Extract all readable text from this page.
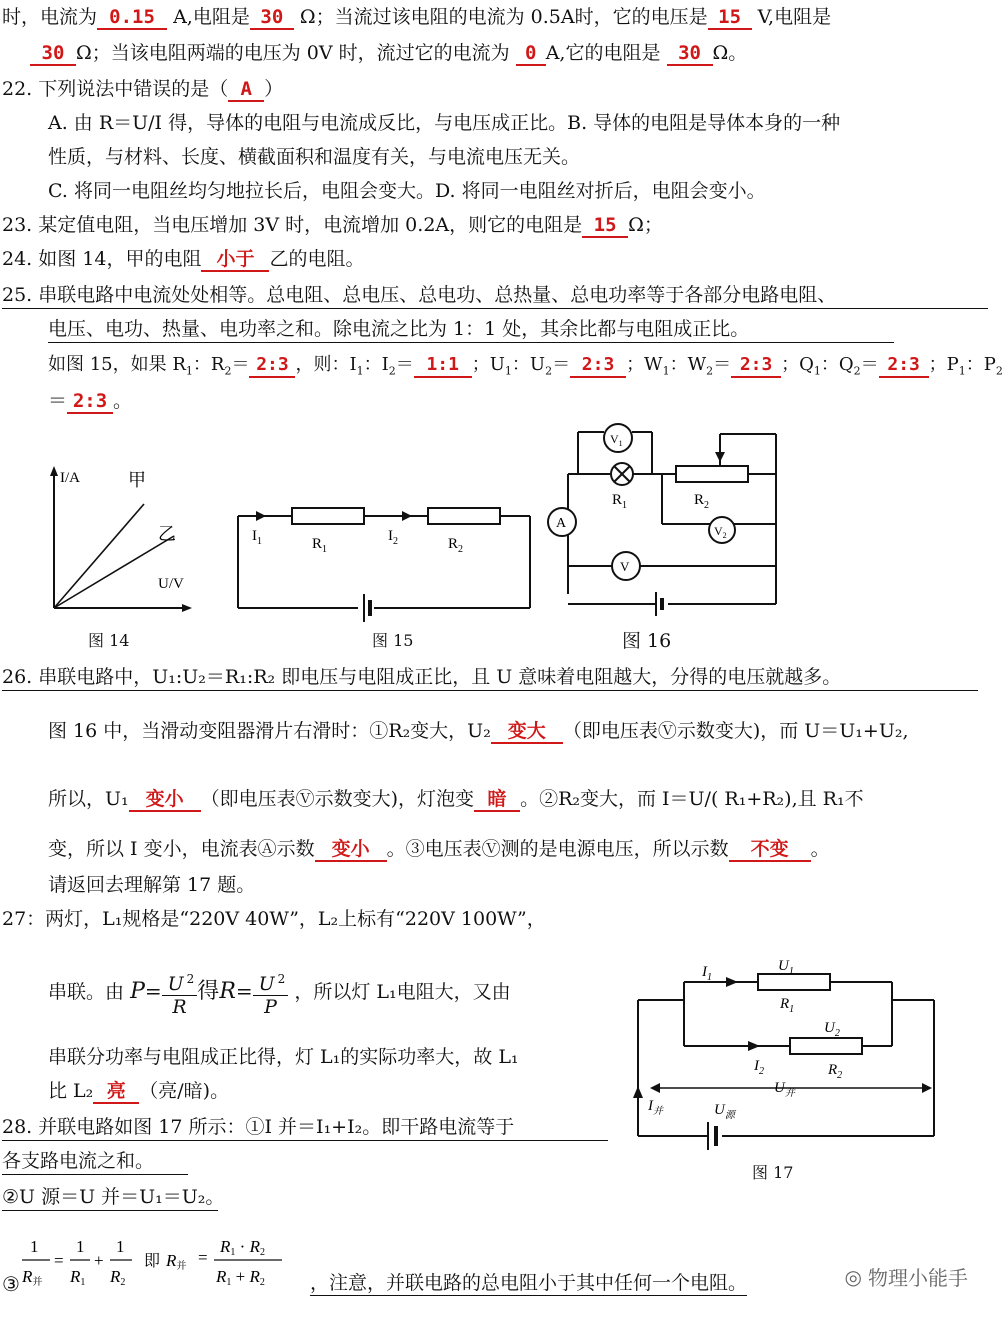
时，电流为 0.15 A,电阻是 30 Ω；当流过该电阻的电流为 0.5A时，它的电压是 15 V,电阻是
30 Ω；当该电阻两端的电压为 0V 时，流过它的电流为 0 A,它的电阻是 30 Ω。
22. 下列说法中错误的是（ A ）
A. 由 R＝U/I 得，导体的电阻与电流成反比，与电压成正比。B. 导体的电阻是导体本身的一种
性质，与材料、长度、横截面积和温度有关，与电流电压无关。
C. 将同一电阻丝均匀地拉长后，电阻会变大。D. 将同一电阻丝对折后，电阻会变小。
23. 某定值电阻，当电压增加 3V 时，电流增加 0.2A，则它的电阻是 15 Ω；
24. 如图 14，甲的电阻 小于 乙的电阻。
25. 串联电路中电流处处相等。总电阻、总电压、总电功、总热量、总电功率等于各部分电路电阻、
电压、电功、热量、电功率之和。除电流之比为 1：1 处，其余比都与电阻成正比。
如图 15，如果 $R_1$：$R_2=$ 2:3 ，则：$I_1$：$I_2=$ 1:1 ；$U_1$：$U_2=$ 2:3 ；$W_1$：$W_2=$ 2:3 ；$Q_1$：$Q_2=$ 2:3 ；$P_1$：$P_2$
＝ 2:3 。
I/A
U/V
甲
乙
图 14
$I_1$	$R_1$
$I_2$	$R_2$
图 15
$V_1$
$R_1$	$R_2$
A	$V_2$
V
图 16
26. 串联电路中，U₁:U₂＝R₁:R₂ 即电压与电阻成正比，且 U 意味着电阻越大，分得的电压就越多。
图 16 中，当滑动变阻器滑片右滑时：①R₂变大，U₂ 变大 （即电压表Ⓥ示数变大)，而 U＝U₁+U₂,
所以，U₁ 变小 （即电压表Ⓥ示数变大)，灯泡变 暗 。②R₂变大，而 I＝U/( R₁+R₂),且 R₁不
变，所以 I 变小，电流表Ⓐ示数 变小 。③电压表Ⓥ测的是电源电压，所以示数 不变 。
请返回去理解第 17 题。
27：两灯，L₁规格是“220V 40W”，L₂上标有“220V 100W”，
串联。由 $P= \frac{U ^2}{R}$ 得$R= \frac{U ^2}{P}$ ，所以灯 L₁电阻大，又由
串联分功率与电阻成正比得，灯 L₁的实际功率大，故 L₁
比 L₂ 亮 （亮/暗)。
$I_1$
$U_1$
$R_1$
$U_2$
$I_2$	$R_2$
$U_并$
$I_并$	$U_源$
图 17
28. 并联电路如图 17 所示：①I 并＝I₁+I₂。即干路电流等于
各支路电流之和。
②U 源＝U 并＝U₁＝U₂。
③
1
R并
=
1
R1
+
1
R2
即 R并 =
R1 · R2
R1 + R2 ，注意，并联电路的总电阻小于其中任何一个电阻。	◎ 物理小能手
